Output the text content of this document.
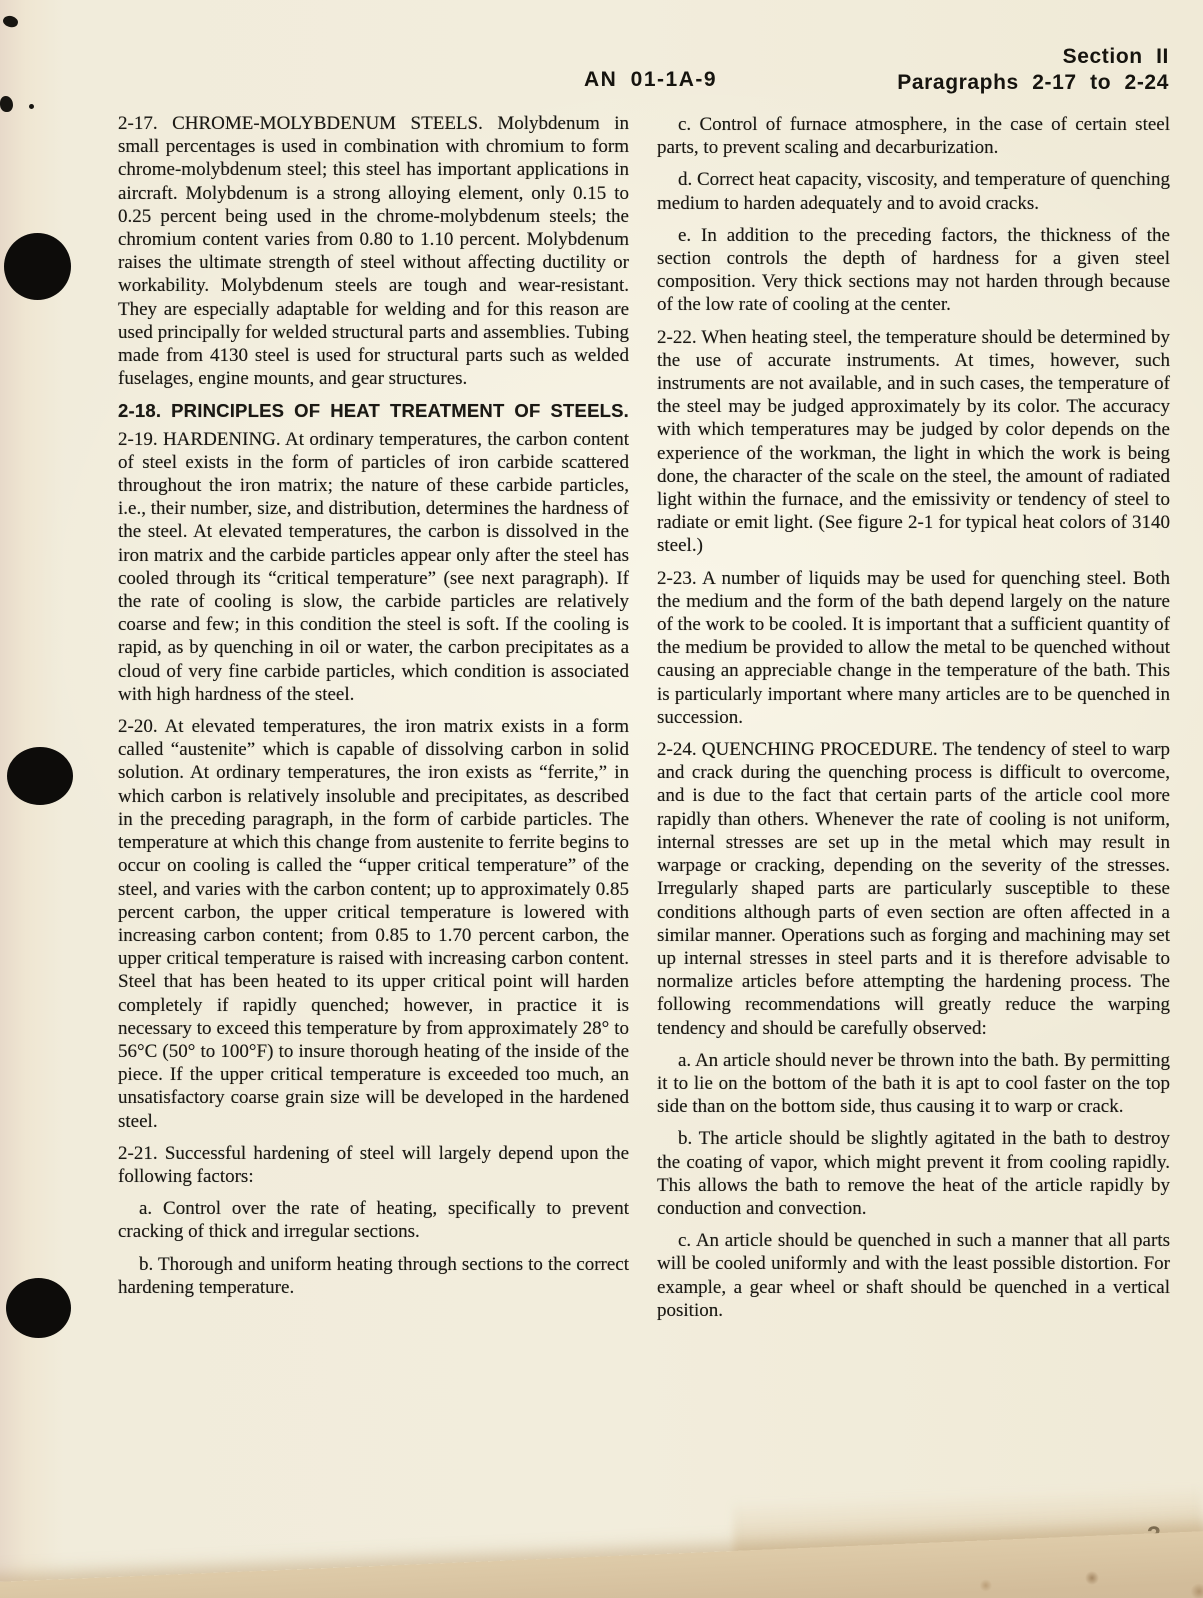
AN 01-1A-9
Section II
Paragraphs 2-17 to 2-24

2-17. CHROME-MOLYBDENUM STEELS. Molybdenum in small percentages is used in combination with chromium to form chrome-molybdenum steel; this steel has important applications in aircraft. Molybdenum is a strong alloying element, only 0.15 to 0.25 percent being used in the chrome-molybdenum steels; the chromium content varies from 0.80 to 1.10 percent. Molybdenum raises the ultimate strength of steel without affecting ductility or workability. Molybdenum steels are tough and wear-resistant. They are especially adaptable for welding and for this reason are used principally for welded structural parts and assemblies. Tubing made from 4130 steel is used for structural parts such as welded fuselages, engine mounts, and gear structures.

2-18. PRINCIPLES OF HEAT TREATMENT OF STEELS.

2-19. HARDENING. At ordinary temperatures, the carbon content of steel exists in the form of particles of iron carbide scattered throughout the iron matrix; the nature of these carbide particles, i.e., their number, size, and distribution, determines the hardness of the steel. At elevated temperatures, the carbon is dissolved in the iron matrix and the carbide particles appear only after the steel has cooled through its “critical temperature” (see next paragraph). If the rate of cooling is slow, the carbide particles are relatively coarse and few; in this condition the steel is soft. If the cooling is rapid, as by quenching in oil or water, the carbon precipitates as a cloud of very fine carbide particles, which condition is associated with high hardness of the steel.

2-20. At elevated temperatures, the iron matrix exists in a form called “austenite” which is capable of dissolving carbon in solid solution. At ordinary temperatures, the iron exists as “ferrite,” in which carbon is relatively insoluble and precipitates, as described in the preceding paragraph, in the form of carbide particles. The temperature at which this change from austenite to ferrite begins to occur on cooling is called the “upper critical temperature” of the steel, and varies with the carbon content; up to approximately 0.85 percent carbon, the upper critical temperature is lowered with increasing carbon content; from 0.85 to 1.70 percent carbon, the upper critical temperature is raised with increasing carbon content. Steel that has been heated to its upper critical point will harden completely if rapidly quenched; however, in practice it is necessary to exceed this temperature by from approximately 28° to 56°C (50° to 100°F) to insure thorough heating of the inside of the piece. If the upper critical temperature is exceeded too much, an unsatisfactory coarse grain size will be developed in the hardened steel.

2-21. Successful hardening of steel will largely depend upon the following factors:

a. Control over the rate of heating, specifically to prevent cracking of thick and irregular sections.

b. Thorough and uniform heating through sections to the correct hardening temperature.

c. Control of furnace atmosphere, in the case of certain steel parts, to prevent scaling and decarburization.

d. Correct heat capacity, viscosity, and temperature of quenching medium to harden adequately and to avoid cracks.

e. In addition to the preceding factors, the thickness of the section controls the depth of hardness for a given steel composition. Very thick sections may not harden through because of the low rate of cooling at the center.

2-22. When heating steel, the temperature should be determined by the use of accurate instruments. At times, however, such instruments are not available, and in such cases, the temperature of the steel may be judged approximately by its color. The accuracy with which temperatures may be judged by color depends on the experience of the workman, the light in which the work is being done, the character of the scale on the steel, the amount of radiated light within the furnace, and the emissivity or tendency of steel to radiate or emit light. (See figure 2-1 for typical heat colors of 3140 steel.)

2-23. A number of liquids may be used for quenching steel. Both the medium and the form of the bath depend largely on the nature of the work to be cooled. It is important that a sufficient quantity of the medium be provided to allow the metal to be quenched without causing an appreciable change in the temperature of the bath. This is particularly important where many articles are to be quenched in succession.

2-24. QUENCHING PROCEDURE. The tendency of steel to warp and crack during the quenching process is difficult to overcome, and is due to the fact that certain parts of the article cool more rapidly than others. Whenever the rate of cooling is not uniform, internal stresses are set up in the metal which may result in warpage or cracking, depending on the severity of the stresses. Irregularly shaped parts are particularly susceptible to these conditions although parts of even section are often affected in a similar manner. Operations such as forging and machining may set up internal stresses in steel parts and it is therefore advisable to normalize articles before attempting the hardening process. The following recommendations will greatly reduce the warping tendency and should be carefully observed:

a. An article should never be thrown into the bath. By permitting it to lie on the bottom of the bath it is apt to cool faster on the top side than on the bottom side, thus causing it to warp or crack.

b. The article should be slightly agitated in the bath to destroy the coating of vapor, which might prevent it from cooling rapidly. This allows the bath to remove the heat of the article rapidly by conduction and convection.

c. An article should be quenched in such a manner that all parts will be cooled uniformly and with the least possible distortion. For example, a gear wheel or shaft should be quenched in a vertical position.
